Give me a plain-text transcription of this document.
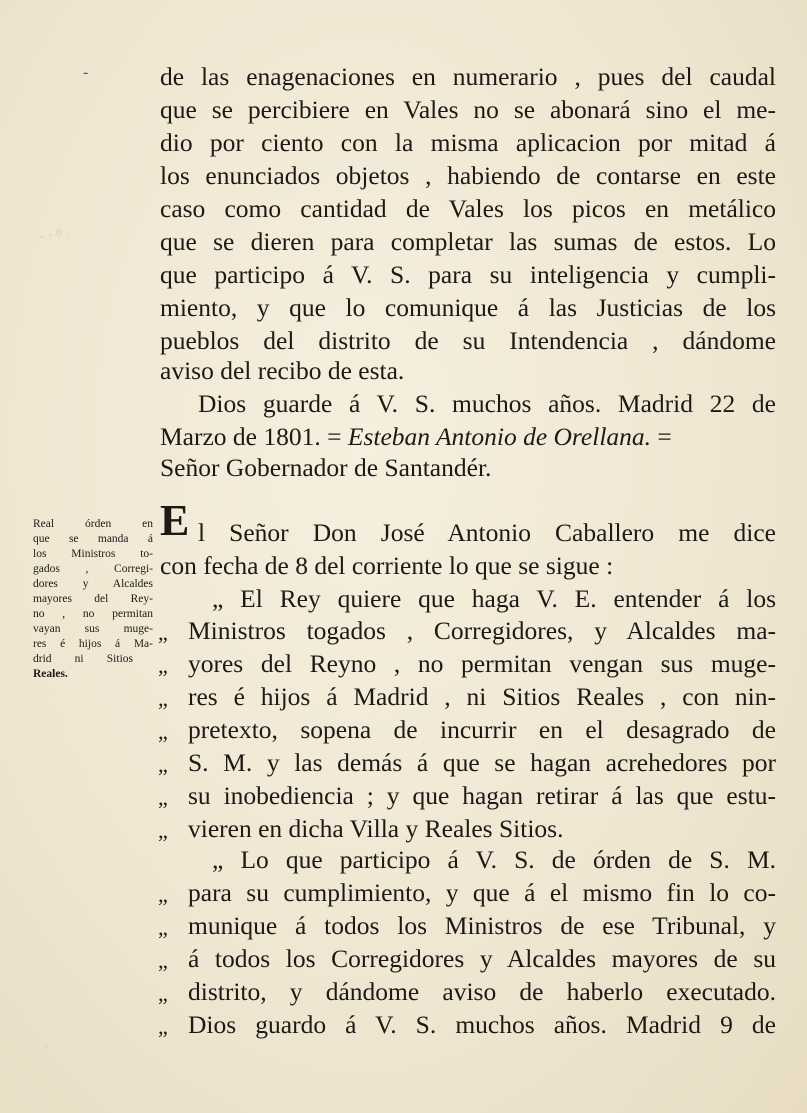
-
- · ⁰ ·
·
de las enagenaciones en numerario , pues del caudal
que se percibiere en Vales no se abonará sino el me-
dio por ciento con la misma aplicacion por mitad á
los enunciados objetos , habiendo de contarse en este
caso como cantidad de Vales los picos en metálico
que se dieren para completar las sumas de estos. Lo
que participo á V. S. para su inteligencia y cumpli-
miento, y que lo comunique á las Justicias de los
pueblos del distrito de su Intendencia , dándome
aviso del recibo de esta.
Dios guarde á V. S. muchos años. Madrid 22 de
Marzo de 1801. = Esteban Antonio de Orellana. =
Señor Gobernador de Santandér.
E l Señor Don José Antonio Caballero me dice
con fecha de 8 del corriente lo que se sigue :
„ El Rey quiere que haga V. E. entender á los
„ Ministros togados , Corregidores, y Alcaldes ma-
„ yores del Reyno , no permitan vengan sus muge-
„ res é hijos á Madrid , ni Sitios Reales , con nin-
„ pretexto, sopena de incurrir en el desagrado de
„ S. M. y las demás á que se hagan acrehedores por
„ su inobediencia ; y que hagan retirar á las que estu-
„ vieren en dicha Villa y Reales Sitios.
„ Lo que participo á V. S. de órden de S. M.
„ para su cumplimiento, y que á el mismo fin lo co-
„ munique á todos los Ministros de ese Tribunal, y
„ á todos los Corregidores y Alcaldes mayores de su
„ distrito, y dándome aviso de haberlo executado.
„ Dios guardo á V. S. muchos años. Madrid 9 de
Real órden en
que se manda á
los Ministros to-
gados , Corregi-
dores y Alcaldes
mayores del Rey-
no , no permitan
vayan sus muge-
res é hijos á Ma-
drid ni Sitios
Reales.
